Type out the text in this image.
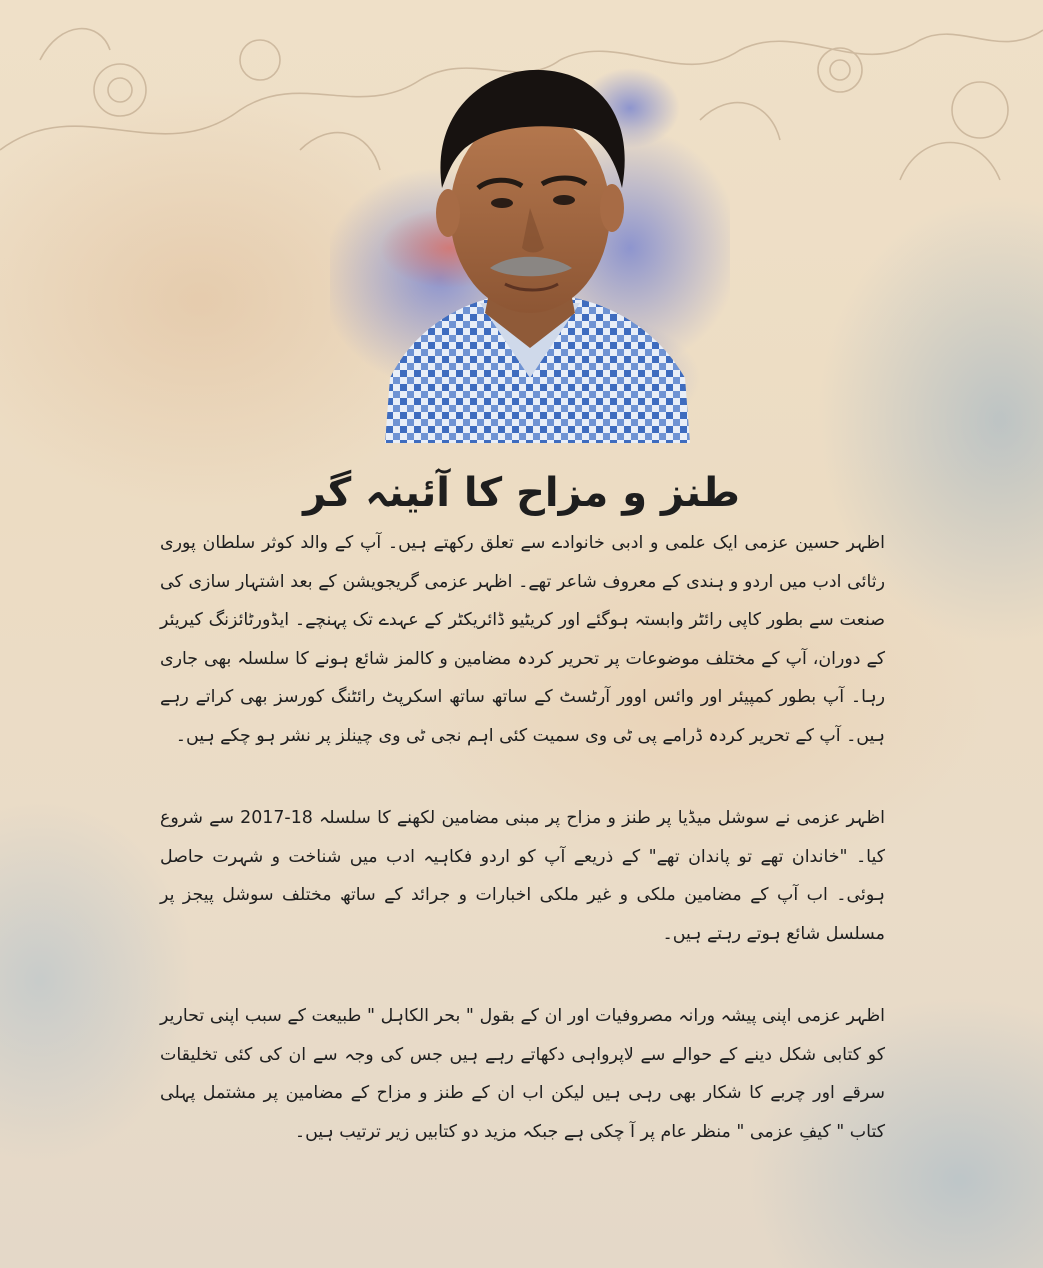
طنز و مزاح کا آئینہ گر

اظہر حسین عزمی ایک علمی و ادبی خانوادے سے تعلق رکھتے ہیں۔ آپ کے والد کوثر سلطان پوری رثائی ادب میں اردو و ہندی کے معروف شاعر تھے۔ اظہر عزمی گریجویشن کے بعد اشتہار سازی کی صنعت سے بطور کاپی رائٹر وابستہ ہوگئے اور کریٹیو ڈائریکٹر کے عہدے تک پہنچے۔ ایڈورٹائزنگ کیریئر کے دوران، آپ کے مختلف موضوعات پر تحریر کردہ مضامین و کالمز شائع ہونے کا سلسلہ بھی جاری رہا۔ آپ بطور کمپیئر اور وائس اوور آرٹسٹ کے ساتھ ساتھ اسکرپٹ رائٹنگ کورسز بھی کراتے رہے ہیں۔ آپ کے تحریر کردہ ڈرامے پی ٹی وی سمیت کئی اہم نجی ٹی وی چینلز پر نشر ہو چکے ہیں۔

اظہر عزمی نے سوشل میڈیا پر طنز و مزاح پر مبنی مضامین لکھنے کا سلسلہ 18-2017 سے شروع کیا۔ "خاندان تھے تو پاندان تھے" کے ذریعے آپ کو اردو فکاہیہ ادب میں شناخت و شہرت حاصل ہوئی۔ اب آپ کے مضامین ملکی و غیر ملکی اخبارات و جرائد کے ساتھ مختلف سوشل پیجز پر مسلسل شائع ہوتے رہتے ہیں۔

اظہر عزمی اپنی پیشہ ورانہ مصروفیات اور ان کے بقول " بحر الکاہل " طبیعت کے سبب اپنی تحاریر کو کتابی شکل دینے کے حوالے سے لاپرواہی دکھاتے رہے ہیں جس کی وجہ سے ان کی کئی تخلیقات سرقے اور چربے کا شکار بھی رہی ہیں لیکن اب ان کے طنز و مزاح کے مضامین پر مشتمل پہلی کتاب " کیفِ عزمی " منظر عام پر آ چکی ہے جبکہ مزید دو کتابیں زیر ترتیب ہیں۔
